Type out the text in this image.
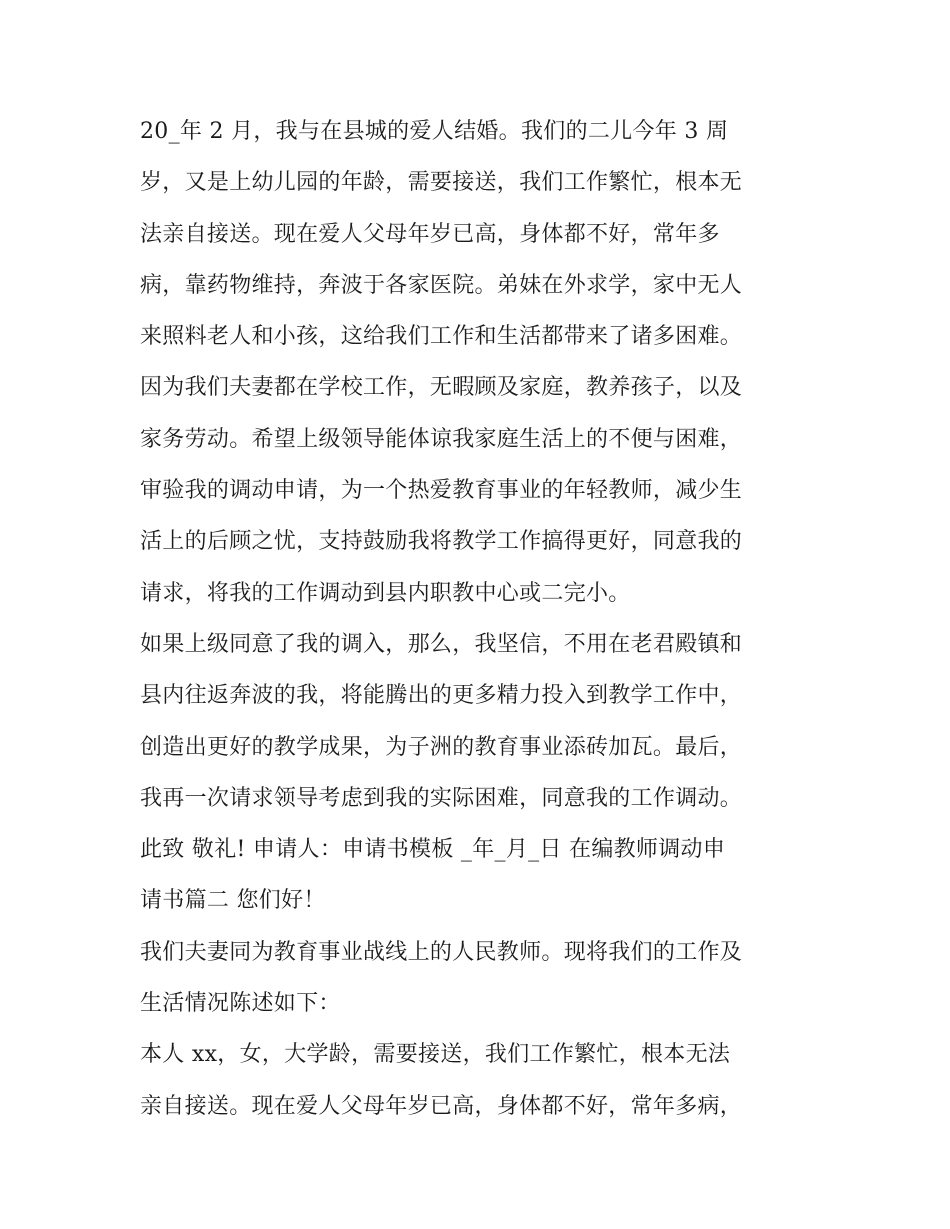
20_年 2 月，我与在县城的爱人结婚。我们的二儿今年 3 周
岁，又是上幼儿园的年龄，需要接送，我们工作繁忙，根本无
法亲自接送。现在爱人父母年岁已高，身体都不好，常年多
病，靠药物维持，奔波于各家医院。弟妹在外求学，家中无人
来照料老人和小孩，这给我们工作和生活都带来了诸多困难。
因为我们夫妻都在学校工作，无暇顾及家庭，教养孩子，以及
家务劳动。希望上级领导能体谅我家庭生活上的不便与困难，
审验我的调动申请，为一个热爱教育事业的年轻教师，减少生
活上的后顾之忧，支持鼓励我将教学工作搞得更好，同意我的
请求，将我的工作调动到县内职教中心或二完小。
如果上级同意了我的调入，那么，我坚信，不用在老君殿镇和
县内往返奔波的我，将能腾出的更多精力投入到教学工作中，
创造出更好的教学成果，为子洲的教育事业添砖加瓦。最后，
我再一次请求领导考虑到我的实际困难，同意我的工作调动。
此致 敬礼! 申请人：申请书模板 _年_月_日 在编教师调动申
请书篇二 您们好！
我们夫妻同为教育事业战线上的人民教师。现将我们的工作及
生活情况陈述如下：
本人 xx，女，大学龄，需要接送，我们工作繁忙，根本无法
亲自接送。现在爱人父母年岁已高，身体都不好，常年多病，
